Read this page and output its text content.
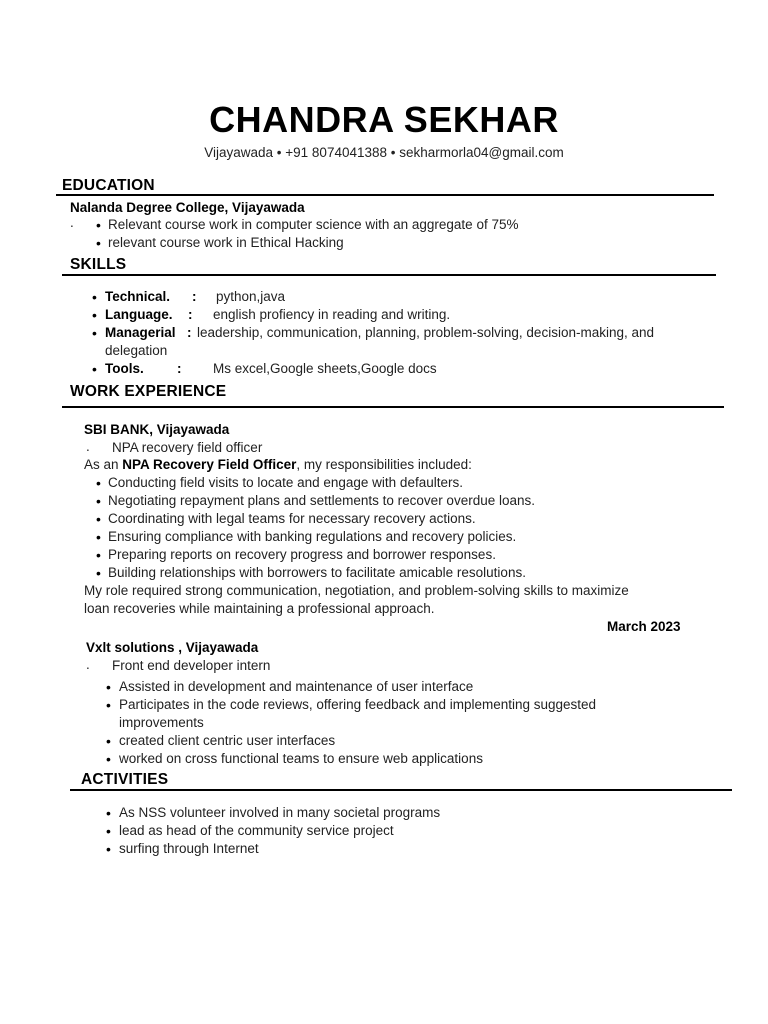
CHANDRA SEKHAR
Vijayawada • +91 8074041388 • sekharmorla04@gmail.com
EDUCATION
Nalanda Degree College, Vijayawada
. • Relevant course work in computer science with an aggregate of 75%
• relevant course work in Ethical Hacking
SKILLS
• Technical. : python,java
• Language. : english profiency in reading and writing.
• Managerial : leadership, communication, planning, problem-solving, decision-making, and
delegation
• Tools. : Ms excel,Google sheets,Google docs
WORK EXPERIENCE
SBI BANK, Vijayawada
. NPA recovery field officer
As an NPA Recovery Field Officer, my responsibilities included:
• Conducting field visits to locate and engage with defaulters.
• Negotiating repayment plans and settlements to recover overdue loans.
• Coordinating with legal teams for necessary recovery actions.
• Ensuring compliance with banking regulations and recovery policies.
• Preparing reports on recovery progress and borrower responses.
• Building relationships with borrowers to facilitate amicable resolutions.
My role required strong communication, negotiation, and problem-solving skills to maximize
loan recoveries while maintaining a professional approach.
March 2023
Vxlt solutions , Vijayawada
. Front end developer intern
• Assisted in development and maintenance of user interface
• Participates in the code reviews, offering feedback and implementing suggested
improvements
• created client centric user interfaces
• worked on cross functional teams to ensure web applications
ACTIVITIES
• As NSS volunteer involved in many societal programs
• lead as head of the community service project
• surfing through Internet
